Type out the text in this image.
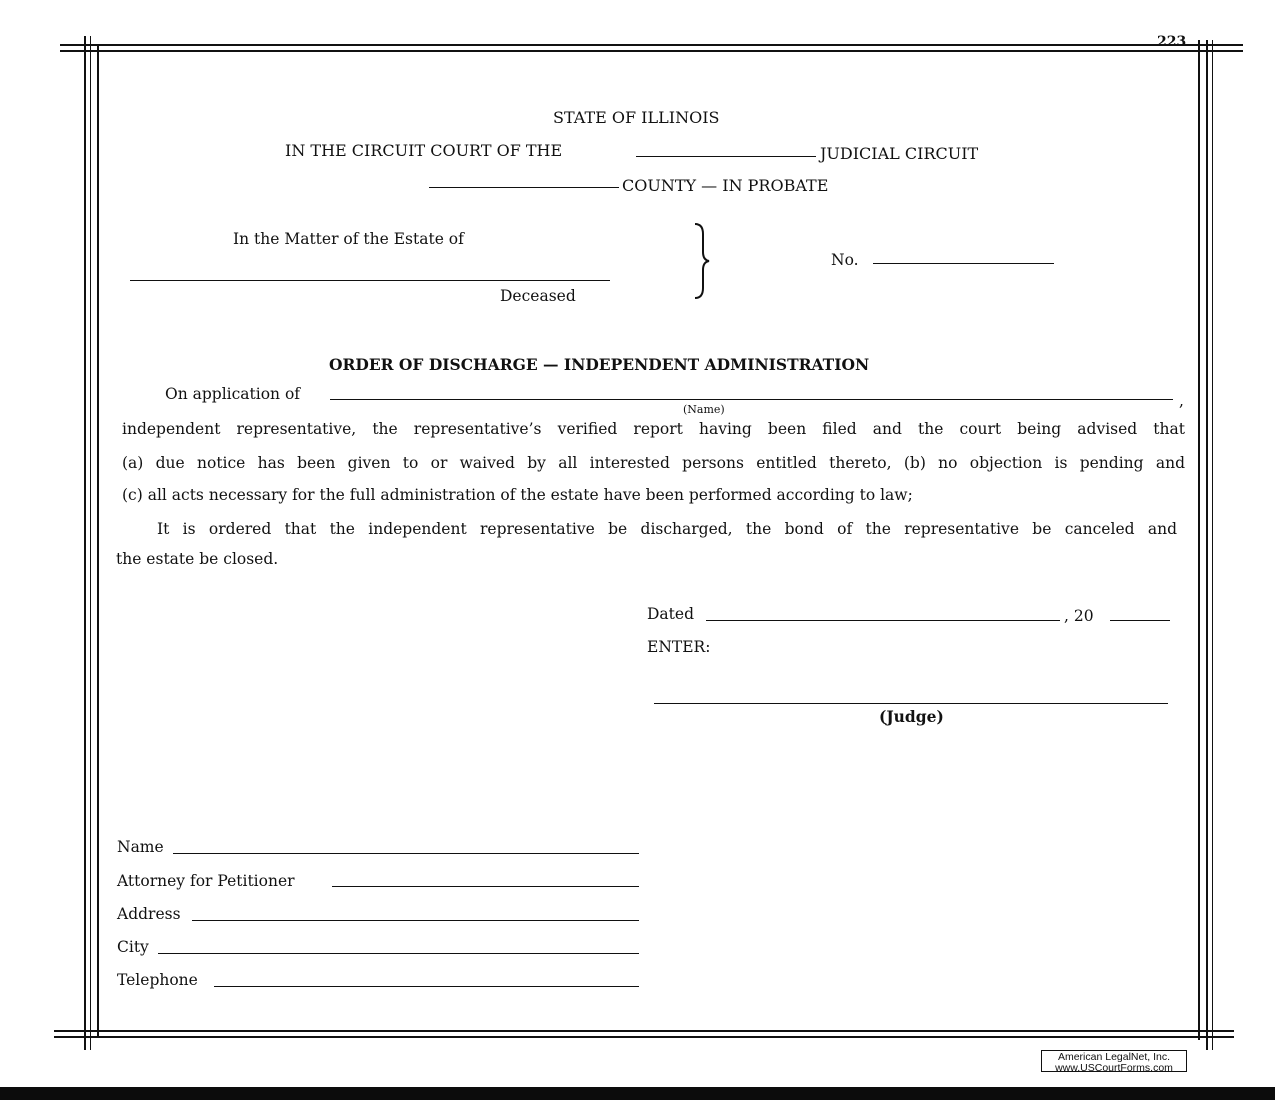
223
STATE OF ILLINOIS
IN THE CIRCUIT COURT OF THE	JUDICIAL CIRCUIT
COUNTY — IN PROBATE
In the Matter of the Estate of
Deceased
No.
ORDER OF DISCHARGE — INDEPENDENT ADMINISTRATION
On application of
(Name)	,
independent representative, the representative’s verified report having been filed and the court being advised that
(a) due notice has been given to or waived by all interested persons entitled thereto, (b) no objection is pending and
(c) all acts necessary for the full administration of the estate have been performed according to law;
It is ordered that the independent representative be discharged, the bond of the representative be canceled and
the estate be closed.
Dated	, 20
ENTER:
(Judge)
Name
Attorney for Petitioner
Address
City
Telephone
American LegalNet, Inc.
www.USCourtForms.com
